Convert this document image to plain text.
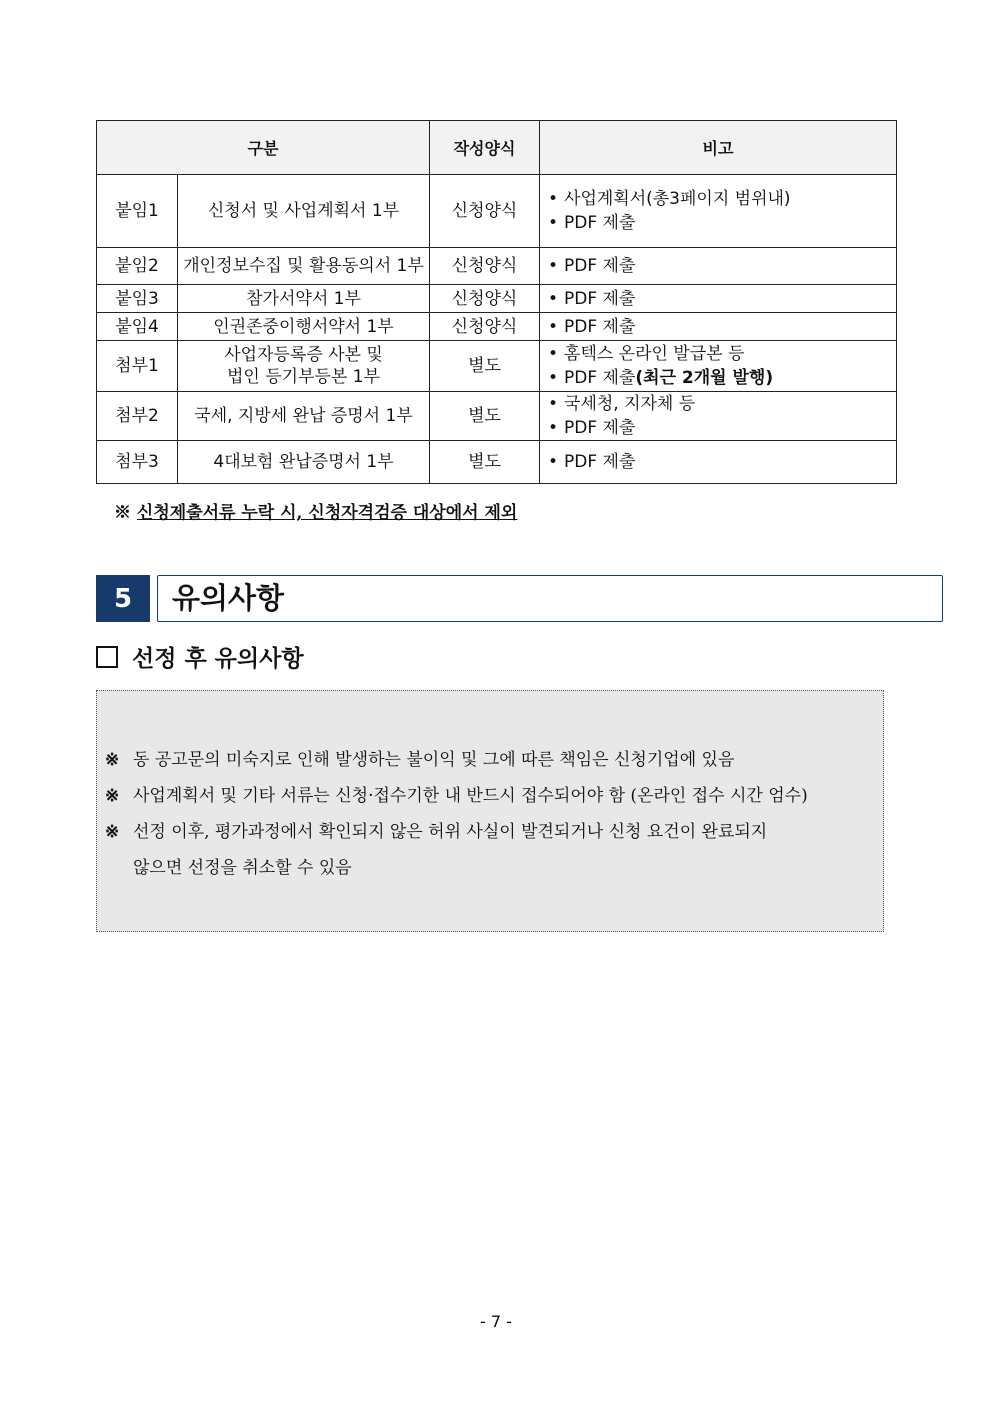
구분		작성양식	비고
붙임1	신청서 및 사업계획서 1부	신청양식	• 사업계획서(총3페이지 범위내)
• PDF 제출

붙임2	개인정보수집 및 활용동의서 1부	신청양식	• PDF 제출

붙임3	참가서약서 1부	신청양식	• PDF 제출

붙임4	인권존중이행서약서 1부	신청양식	• PDF 제출

첨부1	사업자등록증 사본 및
법인 등기부등본 1부	별도	• 홈텍스 온라인 발급본 등
• PDF 제출(최근 2개월 발행)

첨부2	국세, 지방세 완납 증명서 1부	별도	• 국세청, 지자체 등
• PDF 제출

첨부3	4대보험 완납증명서 1부	별도	• PDF 제출
※ 신청제출서류 누락 시, 신청자격검증 대상에서 제외
5	유의사항
선정 후 유의사항
※ 동 공고문의 미숙지로 인해 발생하는 불이익 및 그에 따른 책임은 신청기업에 있음
※ 사업계획서 및 기타 서류는 신청·접수기한 내 반드시 접수되어야 함 (온라인 접수 시간 엄수)
※ 선정 이후, 평가과정에서 확인되지 않은 허위 사실이 발견되거나 신청 요건이 완료되지
않으면 선정을 취소할 수 있음
- 7 -
